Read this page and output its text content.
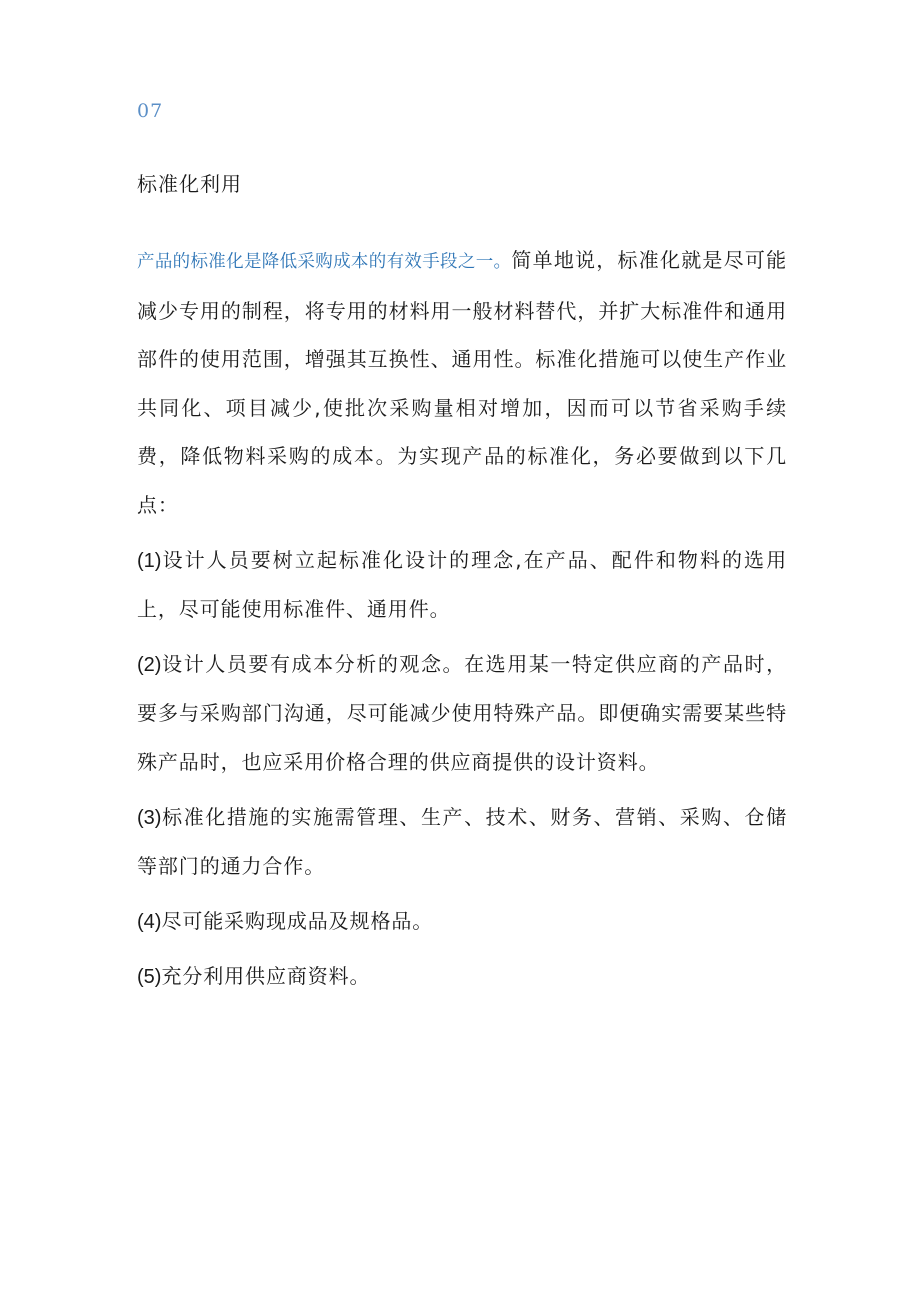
07
标准化利用

产品的标准化是降低采购成本的有效手段之一。简单地说，标准化就是尽可能减少专用的制程，将专用的材料用一般材料替代，并扩大标准件和通用部件的使用范围，增强其互换性、通用性。标准化措施可以使生产作业共同化、项目减少,使批次采购量相对增加，因而可以节省采购手续费，降低物料采购的成本。为实现产品的标准化，务必要做到以下几点：

(1)设计人员要树立起标准化设计的理念,在产品、配件和物料的选用上，尽可能使用标准件、通用件。

(2)设计人员要有成本分析的观念。在选用某一特定供应商的产品时，要多与采购部门沟通，尽可能减少使用特殊产品。即便确实需要某些特殊产品时，也应采用价格合理的供应商提供的设计资料。

(3)标准化措施的实施需管理、生产、技术、财务、营销、采购、仓储等部门的通力合作。

(4)尽可能采购现成品及规格品。

(5)充分利用供应商资料。
